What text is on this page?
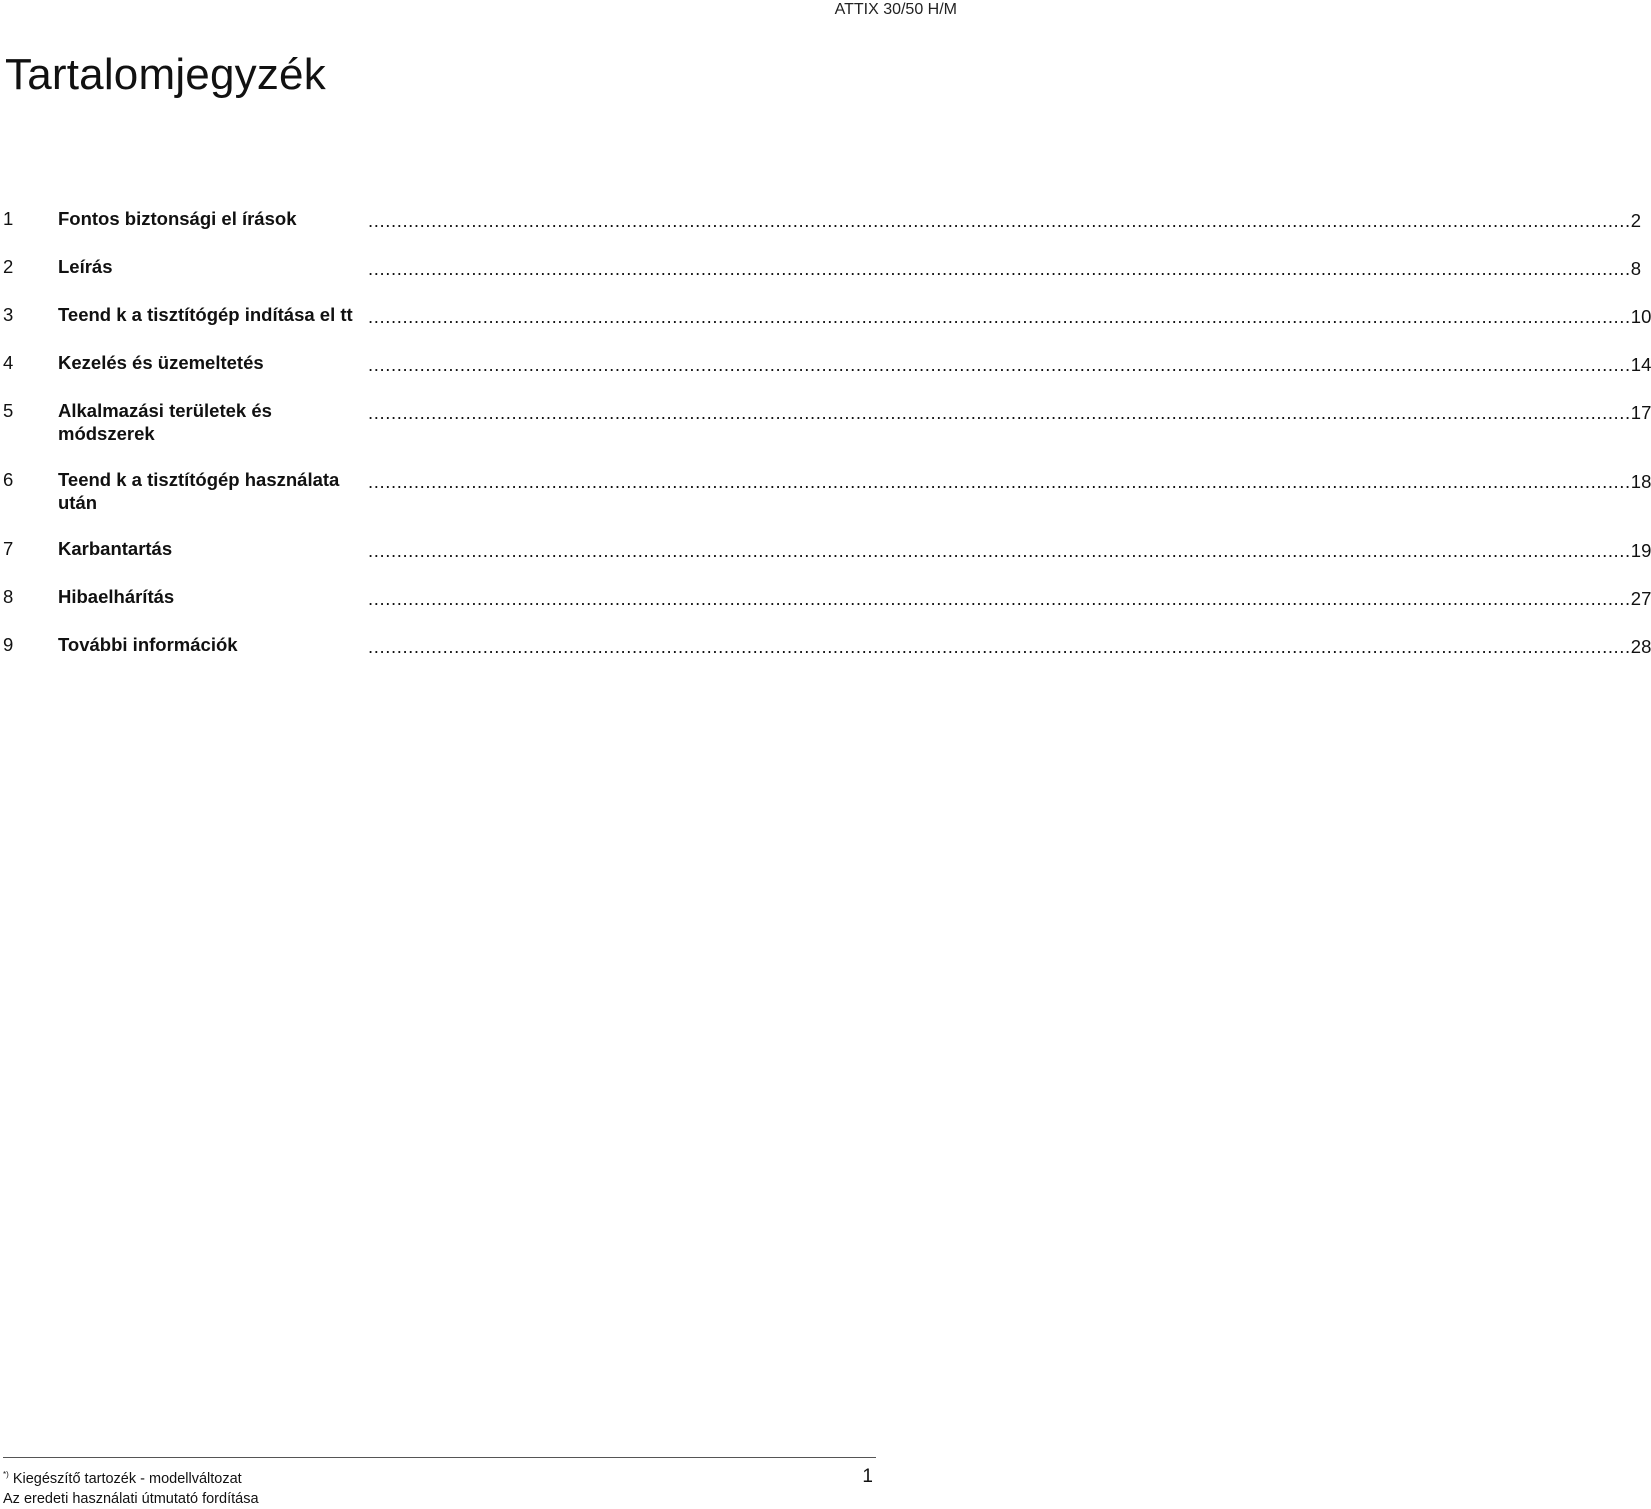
ATTIX 30/50 H/M
Tartalomjegyzék
1	Fontos biztonsági el írások	............................................................................................................................................................................................................................ 2
2	Leírás	............................................................................................................................................................................................................................ 8
3	Teend k a tisztítógép indítása el tt ............................................................................................................................................................................................................................ 10
4	Kezelés és üzemeltetés	............................................................................................................................................................................................................................ 14
5	Alkalmazási területek és módszerek
............................................................................................................................................................................................................................ 17
6	Teend k a tisztítógép használata után
............................................................................................................................................................................................................................ 18
7	Karbantartás	............................................................................................................................................................................................................................ 19
8	Hibaelhárítás	............................................................................................................................................................................................................................ 27
9	További információk	............................................................................................................................................................................................................................ 28
*) Kiegészítő tartozék - modellváltozat
Az eredeti használati útmutató fordítása
1
